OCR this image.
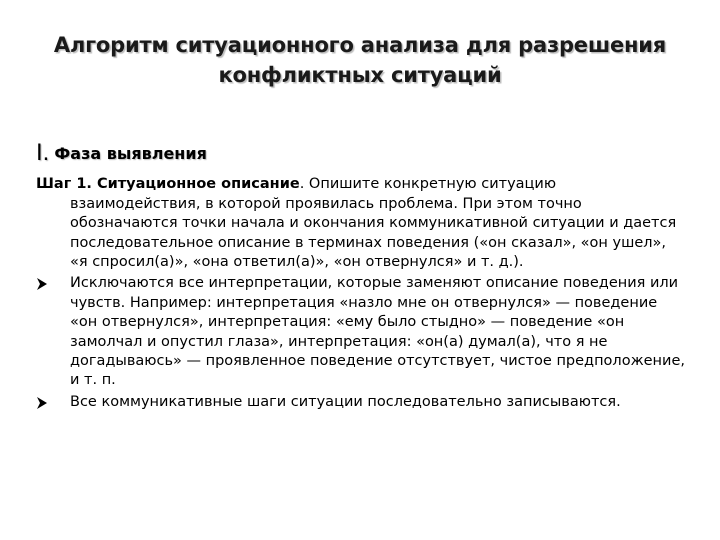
Алгоритм ситуационного анализа для разрешения конфликтных ситуаций
I. Фаза выявления

Шаг 1. Ситуационное описание. Опишите конкретную ситуацию взаимодействия, в которой проявилась проблема. При этом точно обозначаются точки начала и окончания коммуникативной ситуации и дается последовательное описание в терминах поведения («он сказал», «он ушел», «я спросил(а)», «она ответил(а)», «он отвернулся» и т. д.).

Исключаются все интерпретации, которые заменяют описание поведения или чувств. Например: интерпретация «назло мне он отвернулся» — поведение «он отвернулся», интерпретация: «ему было стыдно» — поведение «он замолчал и опустил глаза», интерпретация: «он(а) думал(а), что я не догадываюсь» — проявленное поведение отсутствует, чистое предположение, и т. п.
Все коммуникативные шаги ситуации последовательно записываются.
